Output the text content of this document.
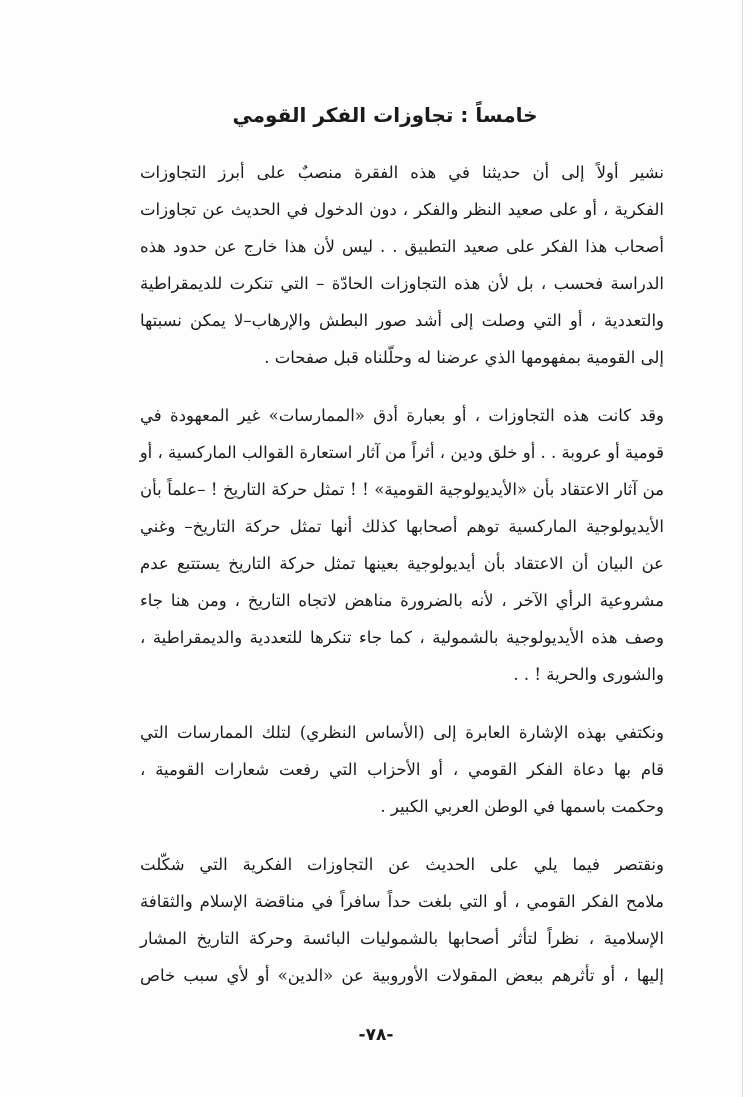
خامساً : تجاوزات الفكر القومي
نشير أولاً إلى أن حديثنا في هذه الفقرة منصبٌ على أبرز التجاوزات
الفكرية ، أو على صعيد النظر والفكر ، دون الدخول في الحديث عن تجاوزات
أصحاب هذا الفكر على صعيد التطبيق . . ليس لأن هذا خارج عن حدود هذه
الدراسة فحسب ، بل لأن هذه التجاوزات الحادّة – التي تنكرت للديمقراطية
والتعددية ، أو التي وصلت إلى أشد صور البطش والإرهاب–لا يمكن نسبتها
إلى القومية بمفهومها الذي عرضنا له وحلّلناه قبل صفحات .
وقد كانت هذه التجاوزات ، أو بعبارة أدق «الممارسات» غير المعهودة في
قومية أو عروبة . . أو خلق ودين ، أثراً من آثار استعارة القوالب الماركسية ، أو
من آثار الاعتقاد بأن «الأيديولوجية القومية» ! ! تمثل حركة التاريخ ! –علماً بأن
الأيديولوجية الماركسية توهم أصحابها كذلك أنها تمثل حركة التاريخ– وغني
عن البيان أن الاعتقاد بأن أيديولوجية بعينها تمثل حركة التاريخ يستتبع عدم
مشروعية الرأي الآخر ، لأنه بالضرورة مناهض لاتجاه التاريخ ، ومن هنا جاء
وصف هذه الأيديولوجية بالشمولية ، كما جاء تنكرها للتعددية والديمقراطية ،
والشورى والحرية ! . .
ونكتفي بهذه الإشارة العابرة إلى (الأساس النظري) لتلك الممارسات التي
قام بها دعاة الفكر القومي ، أو الأحزاب التي رفعت شعارات القومية ،
وحكمت باسمها في الوطن العربي الكبير .
ونقتصر فيما يلي على الحديث عن التجاوزات الفكرية التي شكّلت
ملامح الفكر القومي ، أو التي بلغت حداً سافراً في مناقضة الإسلام والثقافة
الإسلامية ، نظراً لتأثر أصحابها بالشموليات البائسة وحركة التاريخ المشار
إليها ، أو تأثرهم ببعض المقولات الأوروبية عن «الدين» أو لأي سبب خاص
-٧٨-
